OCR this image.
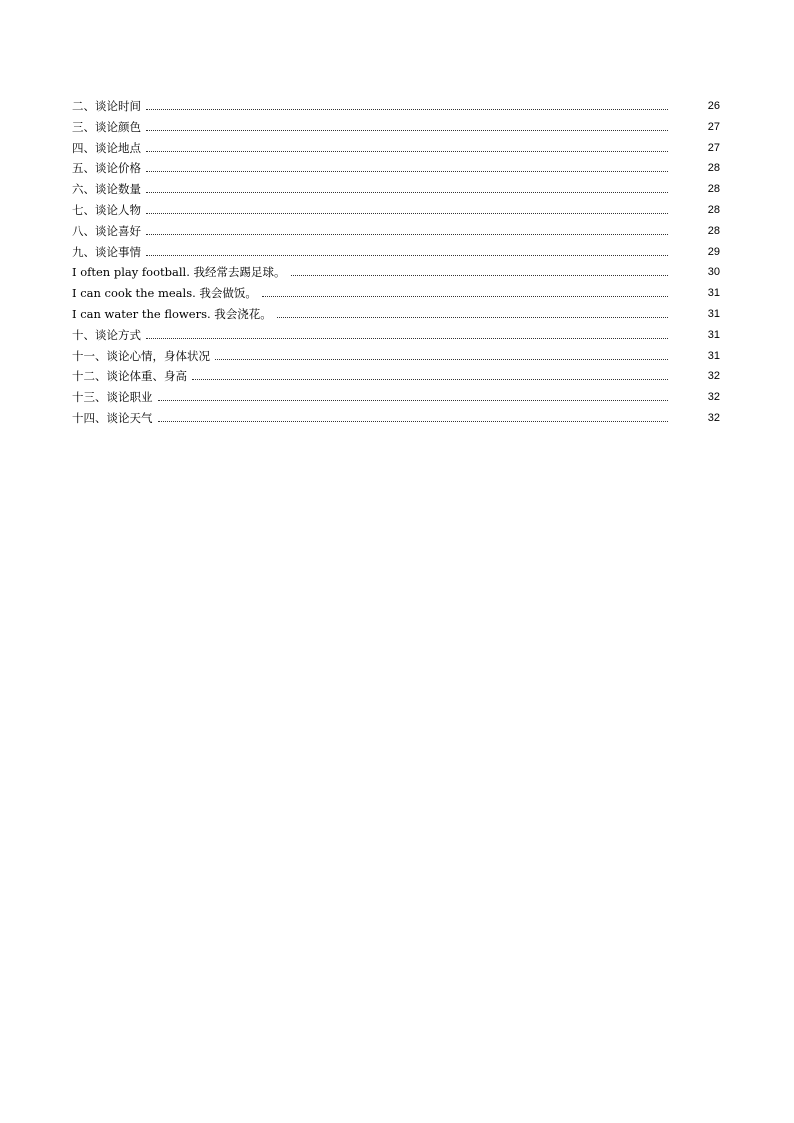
二、谈论时间	26
三、谈论颜色	27
四、谈论地点	27
五、谈论价格	28
六、谈论数量	28
七、谈论人物	28
八、谈论喜好	28
九、谈论事情	29
I often play football. 我经常去踢足球。	30
I can cook the meals. 我会做饭。	31
I can water the flowers. 我会浇花。	31
十、谈论方式	31
十一、谈论心情，身体状况	31
十二、谈论体重、身高	32
十三、谈论职业	32
十四、谈论天气	32
